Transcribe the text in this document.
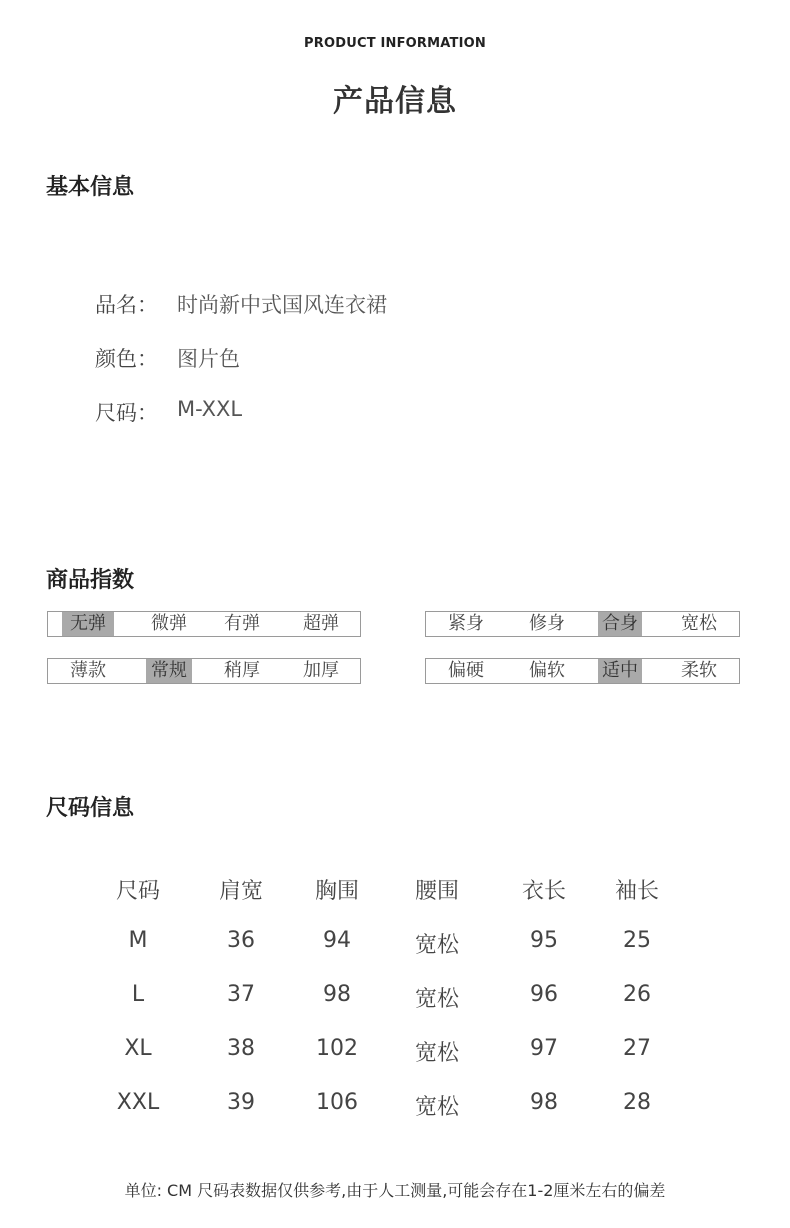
PRODUCT INFORMATION
产品信息
基本信息
品名： 时尚新中式国风连衣裙
颜色： 图片色
尺码： M-XXL
商品指数
无弹	微弹 有弹 超弹	紧身	修身 合身 宽松
薄款	常规 稍厚 加厚	偏硬	偏软 适中 柔软
尺码信息
尺码	肩宽	胸围	腰围	衣长	袖长
M	36	94	宽松	95	25
L	37	98	宽松	96	26
XL	38	102	宽松	97	27
XXL	39	106	宽松	98	28
单位: CM 尺码表数据仅供参考,由于人工测量,可能会存在1-2厘米左右的偏差
